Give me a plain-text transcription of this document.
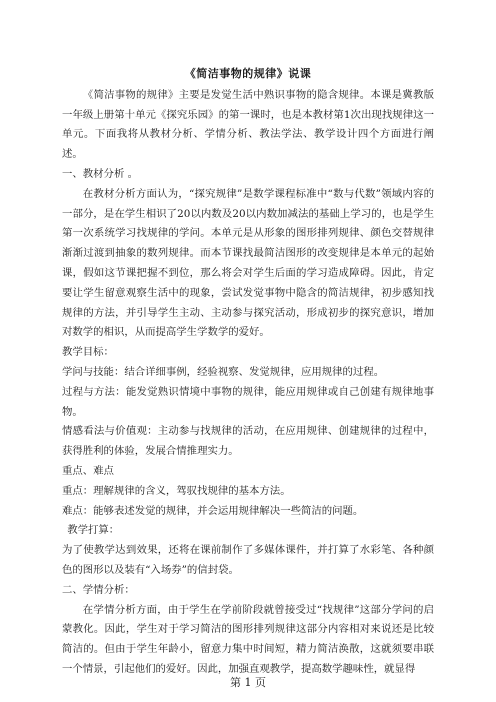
《简洁事物的规律》说课

《简洁事物的规律》主要是发觉生活中熟识事物的隐含规律。本课是冀教版一年级上册第十单元《探究乐园》的第一课时，也是本教材第1次出现找规律这一单元。下面我将从教材分析、学情分析、教法学法、教学设计四个方面进行阐述。

一、教材分析 。

在教材分析方面认为，“探究规律”是数学课程标准中“数与代数”领域内容的一部分，是在学生相识了20以内数及20以内数加减法的基础上学习的，也是学生第一次系统学习找规律的学问。本单元是从形象的图形排列规律、颜色交替规律渐渐过渡到抽象的数列规律。而本节课找最简洁图形的改变规律是本单元的起始课，假如这节课把握不到位，那么将会对学生后面的学习造成障碍。因此，肯定要让学生留意观察生活中的现象，尝试发觉事物中隐含的简洁规律，初步感知找规律的方法，并引导学生主动、主动参与探究活动，形成初步的探究意识，增加对数学的相识，从而提高学生学数学的爱好。

教学目标：

学问与技能：结合详细事例，经验视察、发觉规律，应用规律的过程。

过程与方法：能发觉熟识情境中事物的规律，能应用规律或自己创建有规律地事物。

情感看法与价值观：主动参与找规律的活动，在应用规律、创建规律的过程中，获得胜利的体验，发展合情推理实力。

重点、难点

重点：理解规律的含义，驾驭找规律的基本方法。

难点：能够表述发觉的规律，并会运用规律解决一些简洁的问题。

教学打算：

为了使教学达到效果，还将在课前制作了多媒体课件，并打算了水彩笔、各种颜色的图形以及装有“入场券”的信封袋。

二、学情分析：

在学情分析方面，由于学生在学前阶段就曾接受过“找规律”这部分学问的启蒙教化。因此，学生对于学习简洁的图形排列规律这部分内容相对来说还是比较简洁的。但由于学生年龄小，留意力集中时间短，精力简洁涣散，这就须要串联一个情景，引起他们的爱好。因此，加强直观教学，提高数学趣味性，就显得

第 1 页
